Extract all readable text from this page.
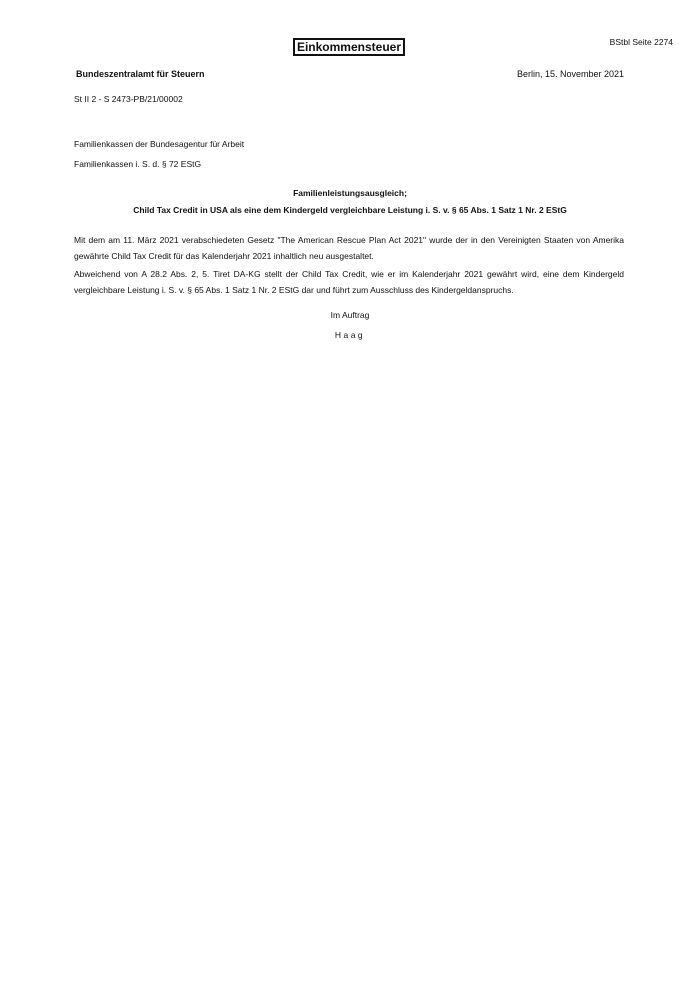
BStbl Seite 2274
Einkommensteuer
Bundeszentralamt für Steuern	Berlin, 15. November 2021
St II 2 - S 2473-PB/21/00002
Familienkassen der Bundesagentur für Arbeit
Familienkassen i. S. d. § 72 EStG
Familienleistungsausgleich;
Child Tax Credit in USA als eine dem Kindergeld vergleichbare Leistung i. S. v. § 65 Abs. 1 Satz 1 Nr. 2 EStG
Mit dem am 11. März 2021 verabschiedeten Gesetz "The American Rescue Plan Act 2021" wurde der in den Vereinigten Staaten von Amerika gewährte Child Tax Credit für das Kalenderjahr 2021 inhaltlich neu ausgestaltet.
Abweichend von A 28.2 Abs. 2, 5. Tiret DA-KG stellt der Child Tax Credit, wie er im Kalenderjahr 2021 gewährt wird, eine dem Kindergeld vergleichbare Leistung i. S. v. § 65 Abs. 1 Satz 1 Nr. 2 EStG dar und führt zum Ausschluss des Kindergeldanspruchs.
Im Auftrag
Haag
